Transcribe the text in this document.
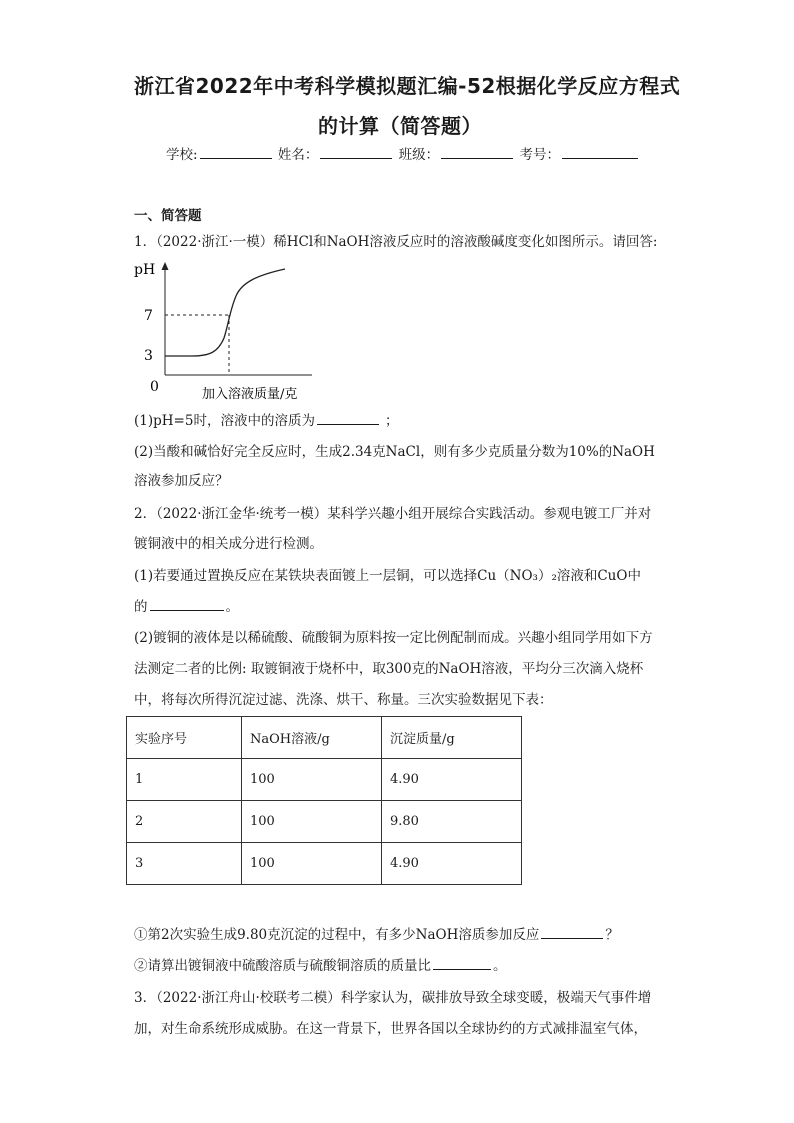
浙江省2022年中考科学模拟题汇编-52根据化学反应方程式
的计算（简答题）
学校:	姓名：	班级：	考号：
一、简答题
1．（2022·浙江·一模）稀HCl和NaOH溶液反应时的溶液酸碱度变化如图所示。请回答:
pH
7
3
0	加入溶液质量/克
(1)pH=5时，溶液中的溶质为	；
(2)当酸和碱恰好完全反应时，生成2.34克NaCl，则有多少克质量分数为10%的NaOH
溶液参加反应？
2．（2022·浙江金华·统考一模）某科学兴趣小组开展综合实践活动。参观电镀工厂并对
镀铜液中的相关成分进行检测。
(1)若要通过置换反应在某铁块表面镀上一层铜，可以选择Cu（NO₃）₂溶液和CuO中
的	。
(2)镀铜的液体是以稀硫酸、硫酸铜为原料按一定比例配制而成。兴趣小组同学用如下方
法测定二者的比例: 取镀铜液于烧杯中，取300克的NaOH溶液，平均分三次滴入烧杯
中，将每次所得沉淀过滤、洗涤、烘干、称量。三次实验数据见下表：
实验序号	NaOH溶液/g	沉淀质量/g
1	100	4.90
2	100	9.80
3	100	4.90
①第2次实验生成9.80克沉淀的过程中，有多少NaOH溶质参加反应	？
②请算出镀铜液中硫酸溶质与硫酸铜溶质的质量比	。
3．（2022·浙江舟山·校联考二模）科学家认为，碳排放导致全球变暖，极端天气事件增
加，对生命系统形成威胁。在这一背景下，世界各国以全球协约的方式减排温室气体，
